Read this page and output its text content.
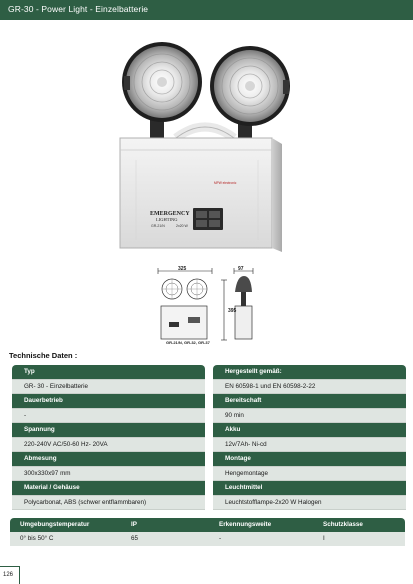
GR-30 - Power Light - Einzelbatterie
EMERGENCY
LIGHTING
GR-21/N	2x20 W
MPW electronic
325
395
97
GR-21/N, GR-32, GR-37
Technische Daten :
Typ
GR- 30 - Einzelbatterie
Dauerbetrieb
-
Spannung
220-240V AC/50-60 Hz- 20VA
Abmesung
300x330x97 mm
Material / Gehäuse
Polycarbonat, ABS (schwer entflammbaren)
Hergestellt gemäß:
EN 60598-1 und EN 60598-2-22
Bereitschaft
90 min
Akku
12v/7Ah- Ni-cd
Montage
Hengemontage
Leuchtmittel
Leuchtstofflampe-2x20 W Halogen
Umgebungstemperatur	IP	Erkennungsweite	Schutzklasse
0° bis 50° C	65	-	I
126
